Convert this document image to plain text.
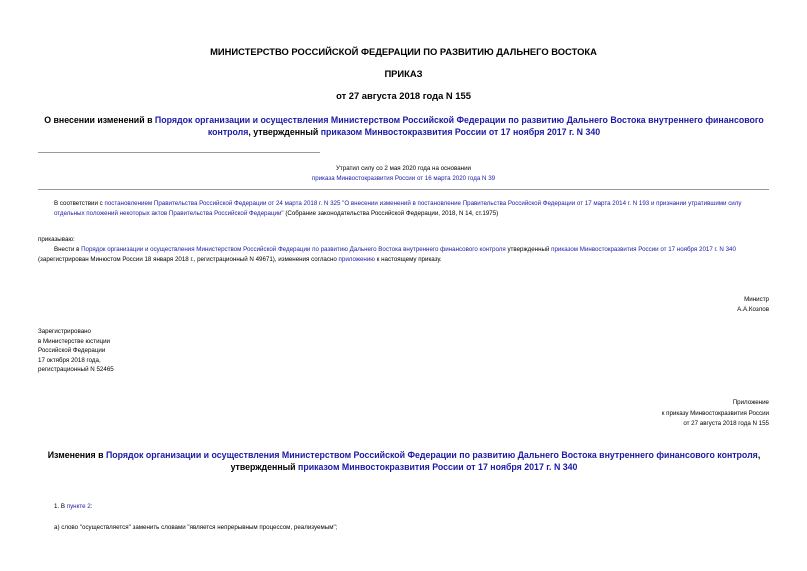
МИНИСТЕРСТВО РОССИЙСКОЙ ФЕДЕРАЦИИ ПО РАЗВИТИЮ ДАЛЬНЕГО ВОСТОКА
ПРИКАЗ
от 27 августа 2018 года N 155
О внесении изменений в Порядок организации и осуществления Министерством Российской Федерации по развитию Дальнего Востока внутреннего финансового контроля, утвержденный приказом Минвостокразвития России от 17 ноября 2017 г. N 340
Утратил силу со 2 мая 2020 года на основании
приказа Минвостокразвития России от 16 марта 2020 года N 39
В соответствии с постановлением Правительства Российской Федерации от 24 марта 2018 г. N 325 "О внесении изменений в постановление Правительства Российской Федерации от 17 марта 2014 г. N 193 и признании утратившими силу отдельных положений некоторых актов Правительства Российской Федерации" (Собрание законодательства Российской Федерации, 2018, N 14, ст.1975)
приказываю:
Внести в Порядок организации и осуществления Министерством Российской Федерации по развитию Дальнего Востока внутреннего финансового контроля утвержденный приказом Минвостокразвития России от 17 ноября 2017 г. N 340 (зарегистрирован Минюстом России 18 января 2018 г., регистрационный N 49671), изменения согласно приложению к настоящему приказу.
Министр
А.А.Козлов
Зарегистрировано
в Министерстве юстиции
Российской Федерации
17 октября 2018 года,
регистрационный N 52465
Приложение
к приказу Минвостокразвития России
от 27 августа 2018 года N 155
Изменения в Порядок организации и осуществления Министерством Российской Федерации по развитию Дальнего Востока внутреннего финансового контроля, утвержденный приказом Минвостокразвития России от 17 ноября 2017 г. N 340
1. В пункте 2:
а) слово "осуществляется" заменить словами "является непрерывным процессом, реализуемым";
